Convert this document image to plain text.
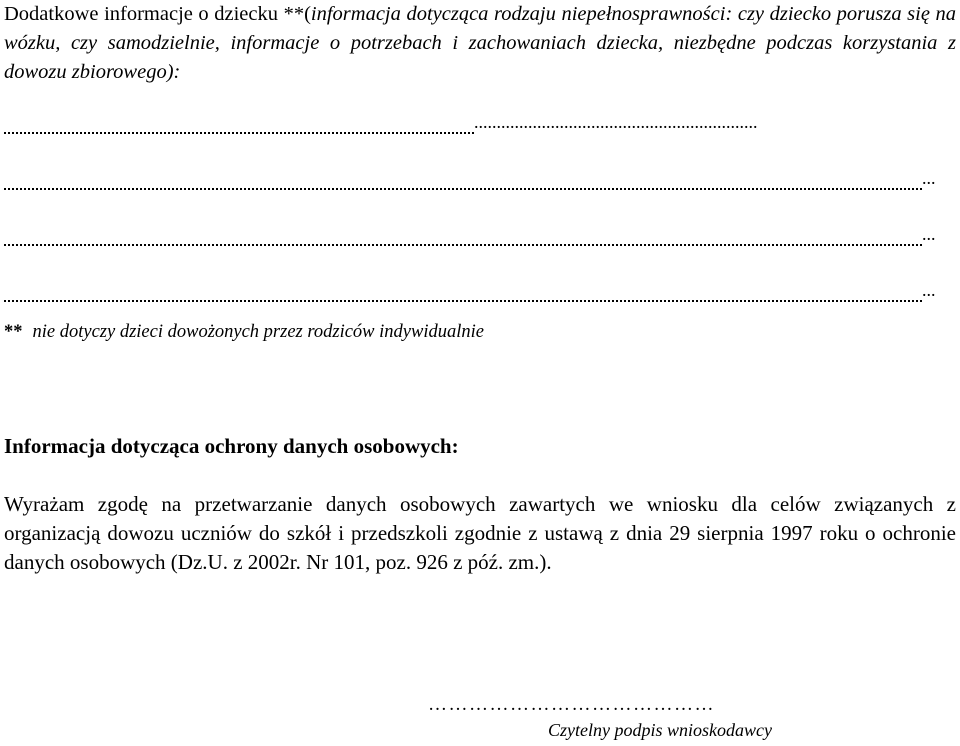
Dodatkowe informacje o dziecku **(informacja dotycząca rodzaju niepełnosprawności: czy dziecko porusza się na wózku, czy samodzielnie, informacje o potrzebach i zachowaniach dziecka, niezbędne podczas korzystania z dowozu zbiorowego):

...............................................................
...
...
...

** nie dotyczy dzieci dowożonych przez rodziców indywidualnie

Informacja dotycząca ochrony danych osobowych:

Wyrażam zgodę na przetwarzanie danych osobowych zawartych we wniosku dla celów związanych z organizacją dowozu uczniów do szkół i przedszkoli zgodnie z ustawą z dnia 29 sierpnia 1997 roku o ochronie danych osobowych (Dz.U. z 2002r. Nr 101, poz. 926 z póź. zm.).

……………………………………
Czytelny podpis wnioskodawcy
